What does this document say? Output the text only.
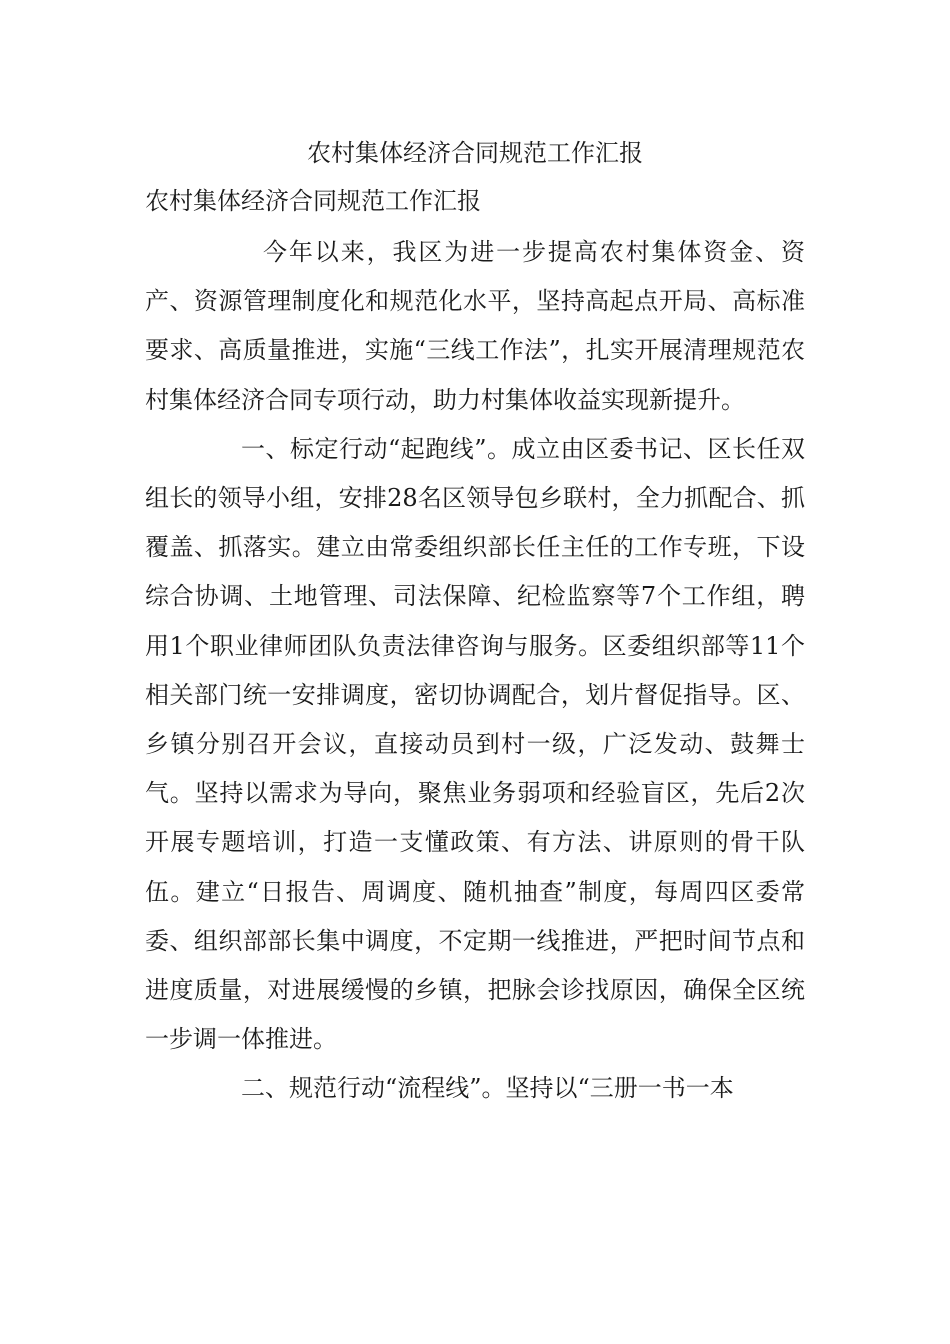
农村集体经济合同规范工作汇报
农村集体经济合同规范工作汇报

今年以来，我区为进一步提高农村集体资金、资产、资源管理制度化和规范化水平，坚持高起点开局、高标准要求、高质量推进，实施“三线工作法”，扎实开展清理规范农村集体经济合同专项行动，助力村集体收益实现新提升。

一、标定行动“起跑线”。成立由区委书记、区长任双组长的领导小组，安排28名区领导包乡联村，全力抓配合、抓覆盖、抓落实。建立由常委组织部长任主任的工作专班，下设综合协调、土地管理、司法保障、纪检监察等7个工作组，聘用1个职业律师团队负责法律咨询与服务。区委组织部等11个相关部门统一安排调度，密切协调配合，划片督促指导。区、乡镇分别召开会议，直接动员到村一级，广泛发动、鼓舞士气。坚持以需求为导向，聚焦业务弱项和经验盲区，先后2次开展专题培训，打造一支懂政策、有方法、讲原则的骨干队伍。建立“日报告、周调度、随机抽查”制度，每周四区委常委、组织部部长集中调度，不定期一线推进，严把时间节点和进度质量，对进展缓慢的乡镇，把脉会诊找原因，确保全区统一步调一体推进。

二、规范行动“流程线”。坚持以“三册一书一本
